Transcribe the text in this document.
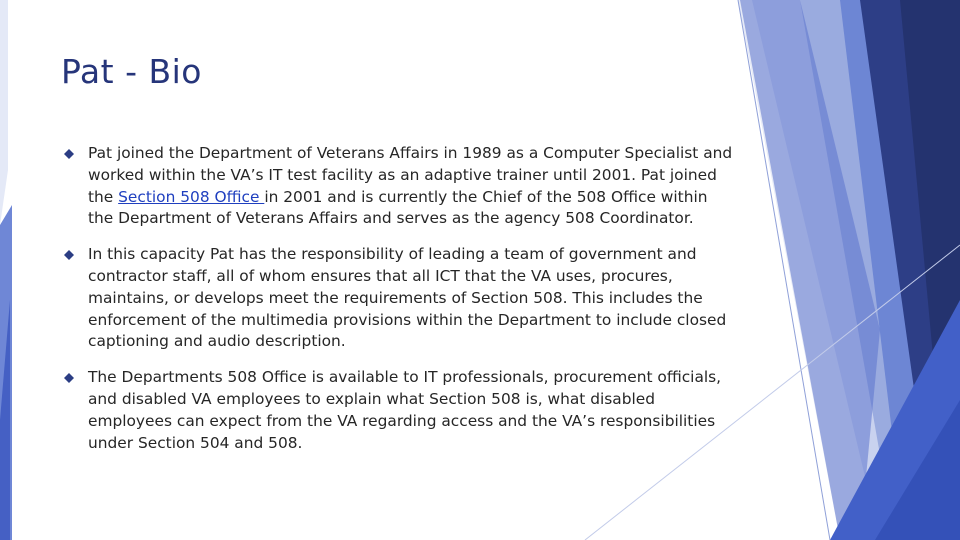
Pat - Bio
Pat joined the Department of Veterans Affairs in 1989 as a Computer Specialist and worked within the VA’s IT test facility as an adaptive trainer until 2001. Pat joined the Section 508 Office in 2001 and is currently the Chief of the 508 Office within the Department of Veterans Affairs and serves as the agency 508 Coordinator.
In this capacity Pat has the responsibility of leading a team of government and contractor staff, all of whom ensures that all ICT that the VA uses, procures, maintains, or develops meet the requirements of Section 508. This includes the enforcement of the multimedia provisions within the Department to include closed captioning and audio description.
The Departments 508 Office is available to IT professionals, procurement officials, and disabled VA employees to explain what Section 508 is, what disabled employees can expect from the VA regarding access and the VA’s responsibilities under Section 504 and 508.
